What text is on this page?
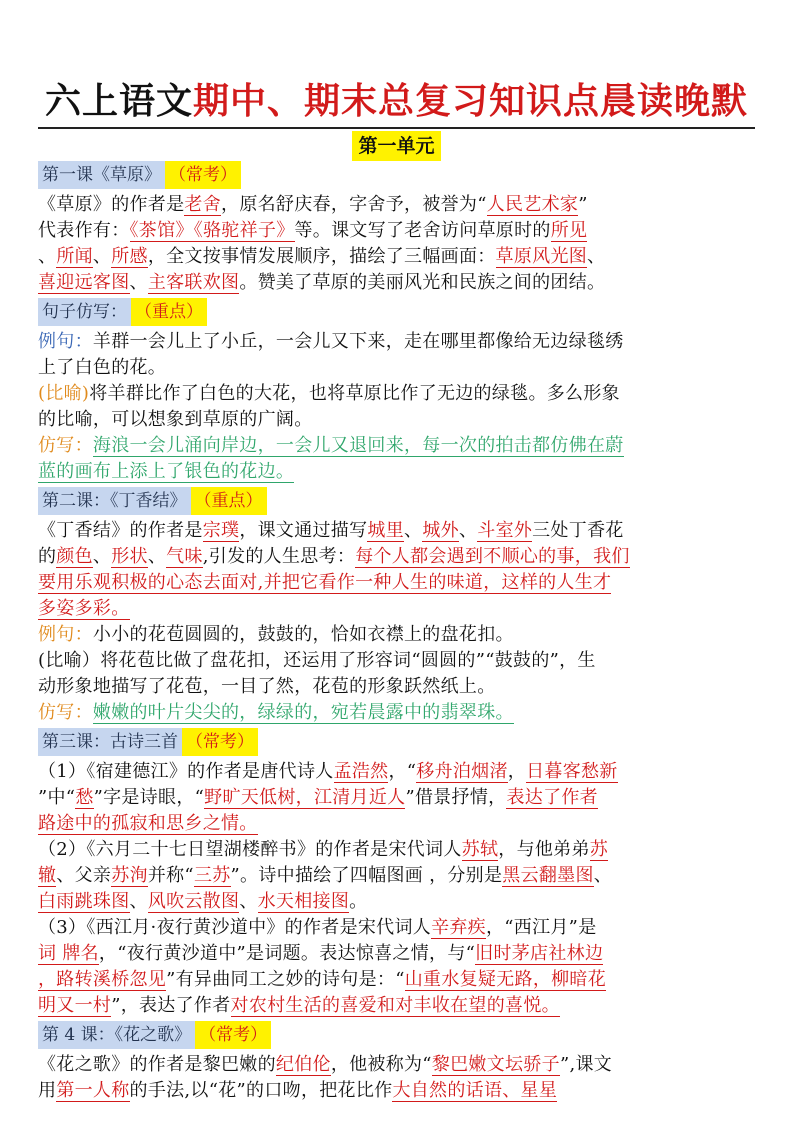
六上语文期中、期末总复习知识点晨读晚默
第一单元
第一课《草原》 （常考）

《草原》的作者是老舍，原名舒庆春，字舍予，被誉为“人民艺术家”

代表作有：《茶馆》《骆驼祥子》等。课文写了老舍访问草原时的所见

、所闻、所感，全文按事情发展顺序，描绘了三幅画面：草原风光图、

喜迎远客图、主客联欢图。赞美了草原的美丽风光和民族之间的团结。

句子仿写： （重点）

例句：羊群一会儿上了小丘，一会儿又下来，走在哪里都像给无边绿毯绣

上了白色的花。

(比喻)将羊群比作了白色的大花，也将草原比作了无边的绿毯。多么形象

的比喻，可以想象到草原的广阔。

仿写：海浪一会儿涌向岸边，一会儿又退回来，每一次的拍击都仿佛在蔚

蓝的画布上添上了银色的花边。

第二课：《丁香结》 （重点）

《丁香结》的作者是宗璞，课文通过描写城里、城外、斗室外三处丁香花

的颜色、形状、气味,引发的人生思考：每个人都会遇到不顺心的事，我们

要用乐观积极的心态去面对,并把它看作一种人生的味道，这样的人生才

多姿多彩。

例句：小小的花苞圆圆的，鼓鼓的，恰如衣襟上的盘花扣。

(比喻）将花苞比做了盘花扣，还运用了形容词“圆圆的”“鼓鼓的”，生

动形象地描写了花苞，一目了然，花苞的形象跃然纸上。

仿写：嫩嫩的叶片尖尖的，绿绿的，宛若晨露中的翡翠珠。

第三课：古诗三首 （常考）

（1）《宿建德江》的作者是唐代诗人孟浩然，“移舟泊烟渚，日暮客愁新

”中“愁”字是诗眼，“野旷天低树，江清月近人”借景抒情，表达了作者

路途中的孤寂和思乡之情。

（2）《六月二十七日望湖楼醉书》的作者是宋代词人苏轼，与他弟弟苏

辙、父亲苏洵并称“三苏”。诗中描绘了四幅图画 ，分别是黑云翻墨图、

白雨跳珠图、风吹云散图、水天相接图。

（3）《西江月·夜行黄沙道中》的作者是宋代词人辛弃疾，“西江月”是

词 牌名，“夜行黄沙道中”是词题。表达惊喜之情，与“旧时茅店社林边

，路转溪桥忽见”有异曲同工之妙的诗句是：“山重水复疑无路，柳暗花

明又一村”，表达了作者对农村生活的喜爱和对丰收在望的喜悦。

第 4 课：《花之歌》 （常考）

《花之歌》的作者是黎巴嫩的纪伯伦，他被称为“黎巴嫩文坛骄子”,课文

用第一人称的手法,以“花”的口吻，把花比作大自然的话语、星星
